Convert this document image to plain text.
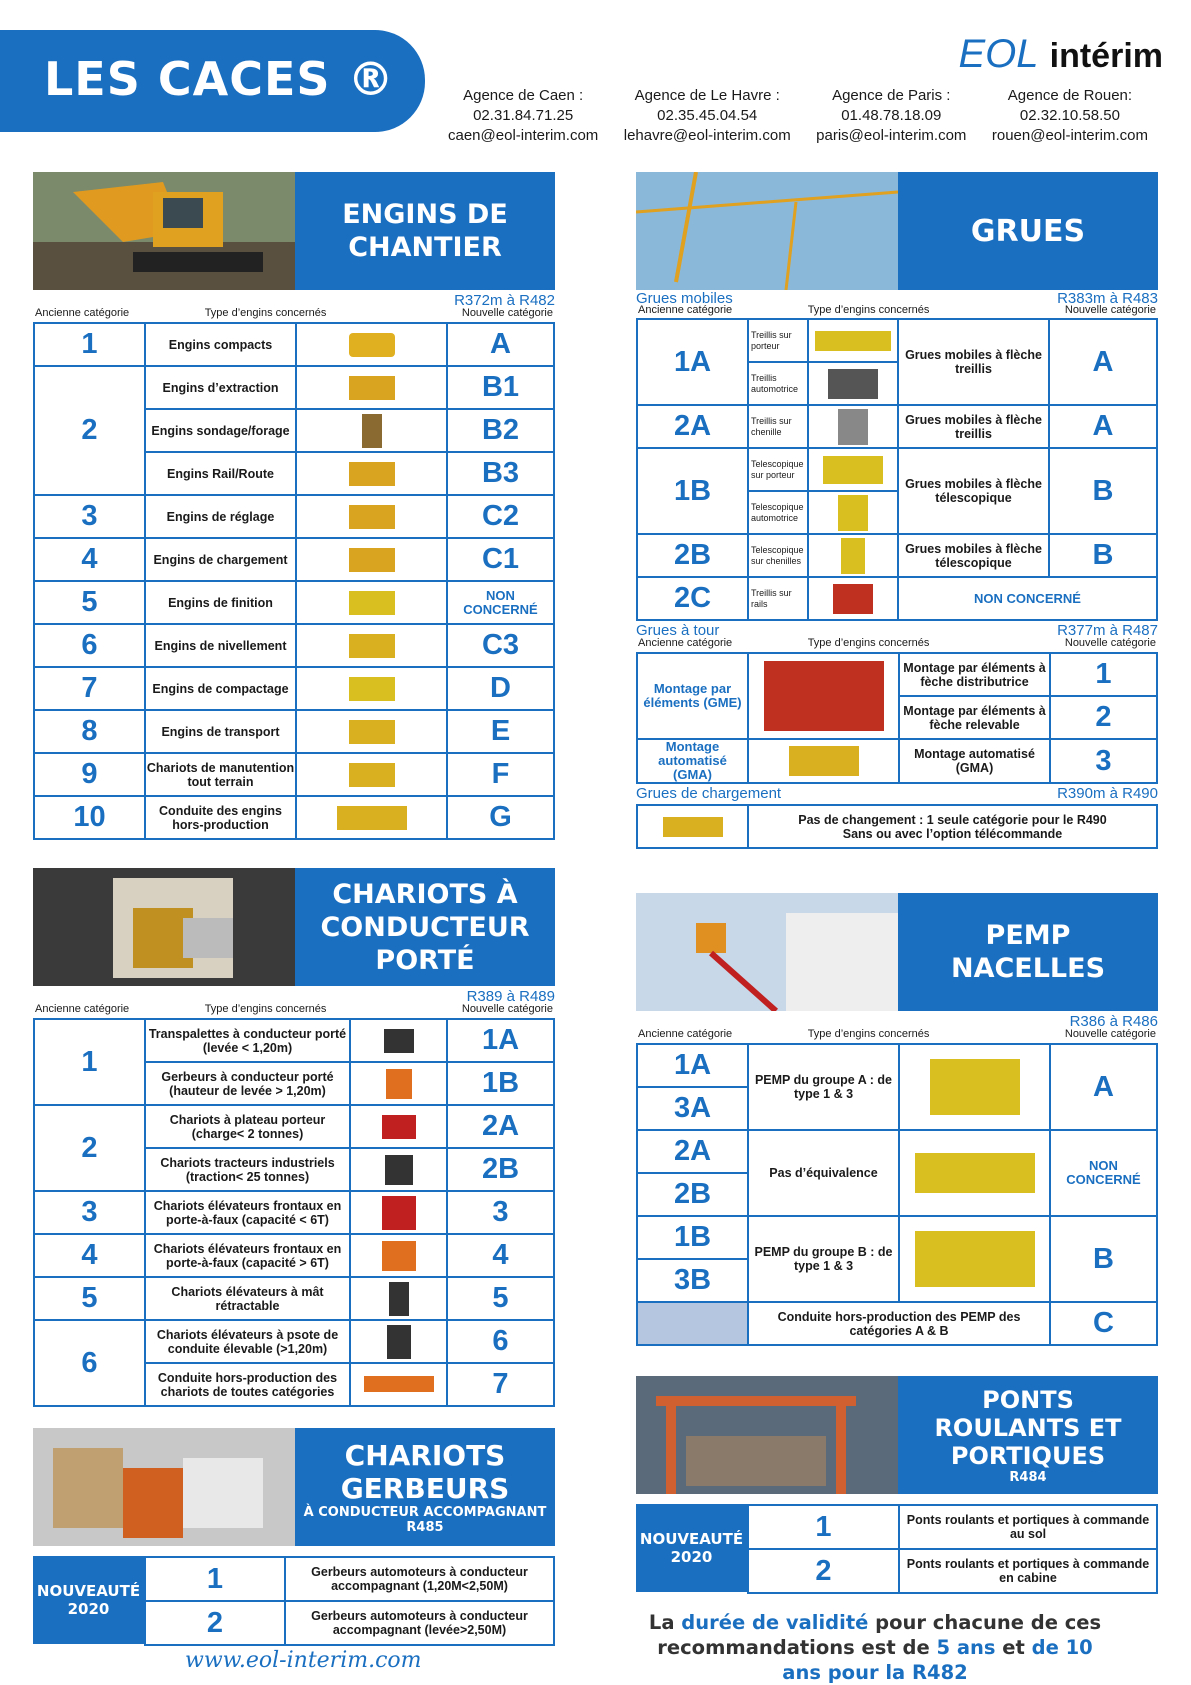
LES CACES ®	EOL intérim
Agence de Caen :
02.31.84.71.25
caen@eol-interim.com
Agence de Le Havre :
02.35.45.04.54
lehavre@eol-interim.com
Agence de Paris :
01.48.78.18.09
paris@eol-interim.com
Agence de Rouen:
02.32.10.58.50
rouen@eol-interim.com
ENGINS DE CHANTIER
R372m à R482
Ancienne catégorie	Type d’engins concernés	Nouvelle catégorie
1	Engins compacts		A
2	Engins d’extraction		B1
	Engins sondage/forage		B2
	Engins Rail/Route		B3
3	Engins de réglage		C2
4	Engins de chargement		C1
5	Engins de finition		NON CONCERNÉ
6	Engins de nivellement		C3
7	Engins de compactage		D
8	Engins de transport		E
9	Chariots de manutention tout terrain		F
10	Conduite des engins hors-production		G
CHARIOTS À CONDUCTEUR PORTÉ
R389 à R489
Ancienne catégorie	Type d’engins concernés	Nouvelle catégorie
1	Transpalettes à conducteur porté (levée < 1,20m)		1A
	Gerbeurs à conducteur porté (hauteur de levée > 1,20m)		1B
2	Chariots à plateau porteur (charge< 2 tonnes)		2A
	Chariots tracteurs industriels (traction< 25 tonnes)		2B
3	Chariots élévateurs frontaux en porte-à-faux (capacité < 6T)		3
4	Chariots élévateurs frontaux en porte-à-faux (capacité > 6T)		4
5	Chariots élévateurs à mât rétractable		5
6	Chariots élévateurs à psote de conduite élevable (>1,20m)		6
	Conduite hors-production des chariots de toutes catégories		7
CHARIOTS GERBEURS
À CONDUCTEUR ACCOMPAGNANT
R485
NOUVEAUTÉ 2020
1	Gerbeurs automoteurs à conducteur accompagnant (1,20M<2,50M)
2	Gerbeurs automoteurs à conducteur accompagnant (levée>2,50M)
GRUES
Grues mobiles	R383m à R483
Ancienne catégorie	Type d’engins concernés	Nouvelle catégorie
1A	Treillis sur porteur		Grues mobiles à flèche treillis	A
	Treillis automotrice			
2A	Treillis sur chenille		Grues mobiles à flèche treillis	A
1B	Telescopique sur porteur		Grues mobiles à flèche télescopique	B
	Telescopique automotrice			
2B	Telescopique sur chenilles		Grues mobiles à flèche télescopique	B
2C	Treillis sur rails		NON CONCERNÉ	
Grues à tour	R377m à R487
Ancienne catégorie	Type d’engins concernés	Nouvelle catégorie
Montage par éléments (GME)		Montage par éléments à fèche distributrice	1
		Montage par éléments à fèche relevable	2
Montage automatisé (GMA)		Montage automatisé (GMA)	3
Grues de chargement	R390m à R490

Pas de changement : 1 seule catégorie pour le R490
Sans ou avec l’option télécommande
PEMP NACELLES
R386 à R486
Ancienne catégorie	Type d’engins concernés	Nouvelle catégorie
1A	PEMP du groupe A : de type 1 & 3		A
3A			
2A	Pas d’équivalence		NON CONCERNÉ
2B			
1B	PEMP du groupe B : de type 1 & 3		B
3B			
	Conduite hors-production des PEMP des catégories A & B		C
PONTS ROULANTS ET PORTIQUES
R484
NOUVEAUTÉ 2020
1	Ponts roulants et portiques à commande au sol
2	Ponts roulants et portiques à commande en cabine
La durée de validité pour chacune de ces recommandations est de 5 ans et de 10 ans pour la R482
www.eol-interim.com
